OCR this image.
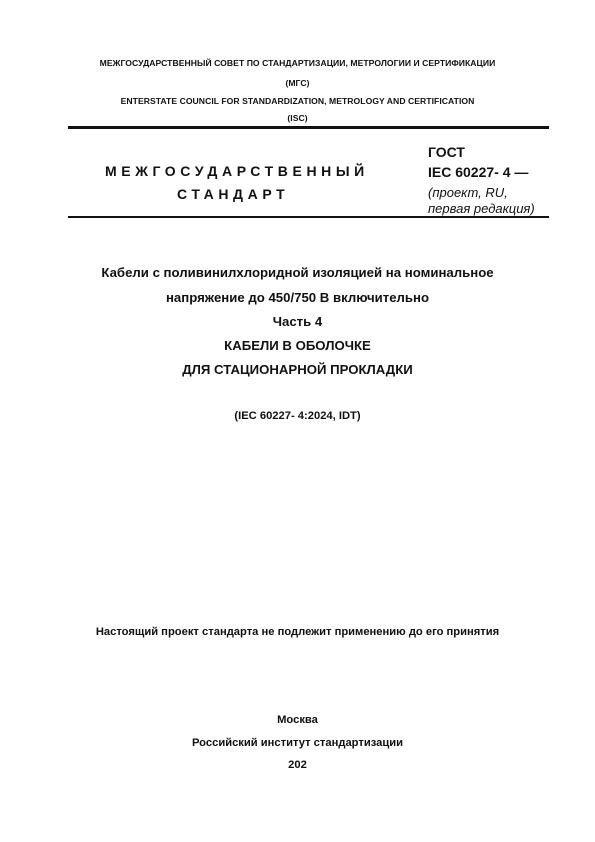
МЕЖГОСУДАРСТВЕННЫЙ СОВЕТ ПО СТАНДАРТИЗАЦИИ, МЕТРОЛОГИИ И СЕРТИФИКАЦИИ
(МГС)
ENTERSTATE COUNCIL FOR STANDARDIZATION, METROLOGY AND CERTIFICATION
(ISC)
МЕЖГОСУДАРСТВЕННЫЙ
СТАНДАРТ
ГОСТ
IEC 60227- 4 —
(проект, RU,
первая редакция)
Кабели с поливинилхлоридной изоляцией на номинальное
напряжение до 450/750 В включительно
Часть 4
КАБЕЛИ В ОБОЛОЧКЕ
ДЛЯ СТАЦИОНАРНОЙ ПРОКЛАДКИ
(IEC 60227- 4:2024, IDT)
Настоящий проект стандарта не подлежит применению до его принятия
Москва
Российский институт стандартизации
202
